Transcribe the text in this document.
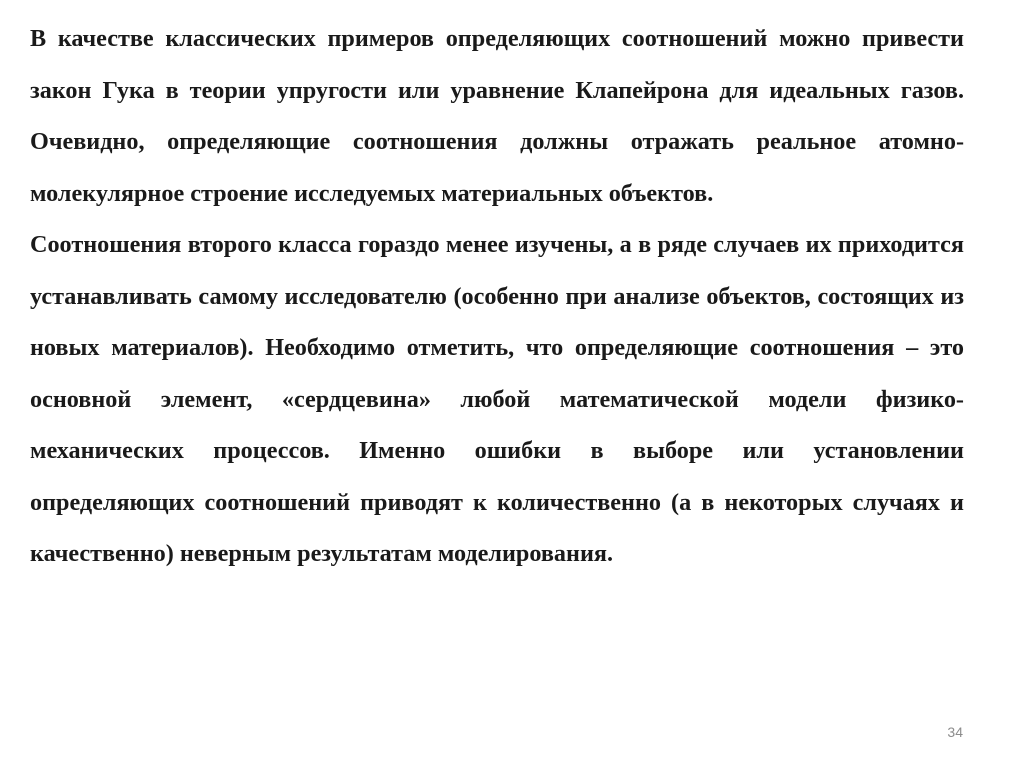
В качестве классических примеров определяющих соотношений можно привести закон Гука в теории упругости или уравнение Клапейрона для идеальных газов. Очевидно, определяющие соотношения должны отражать реальное атомно-молекулярное строение исследуемых материальных объектов.

Соотношения второго класса гораздо менее изучены, а в ряде случаев их приходится устанавливать самому исследователю (особенно при анализе объектов, состоящих из новых материалов). Необходимо отметить, что определяющие соотношения – это основной элемент, «сердцевина» любой математической модели физико-механических процессов. Именно ошибки в выборе или установлении определяющих соотношений приводят к количественно (а в некоторых случаях и качественно) неверным результатам моделирования.

34
